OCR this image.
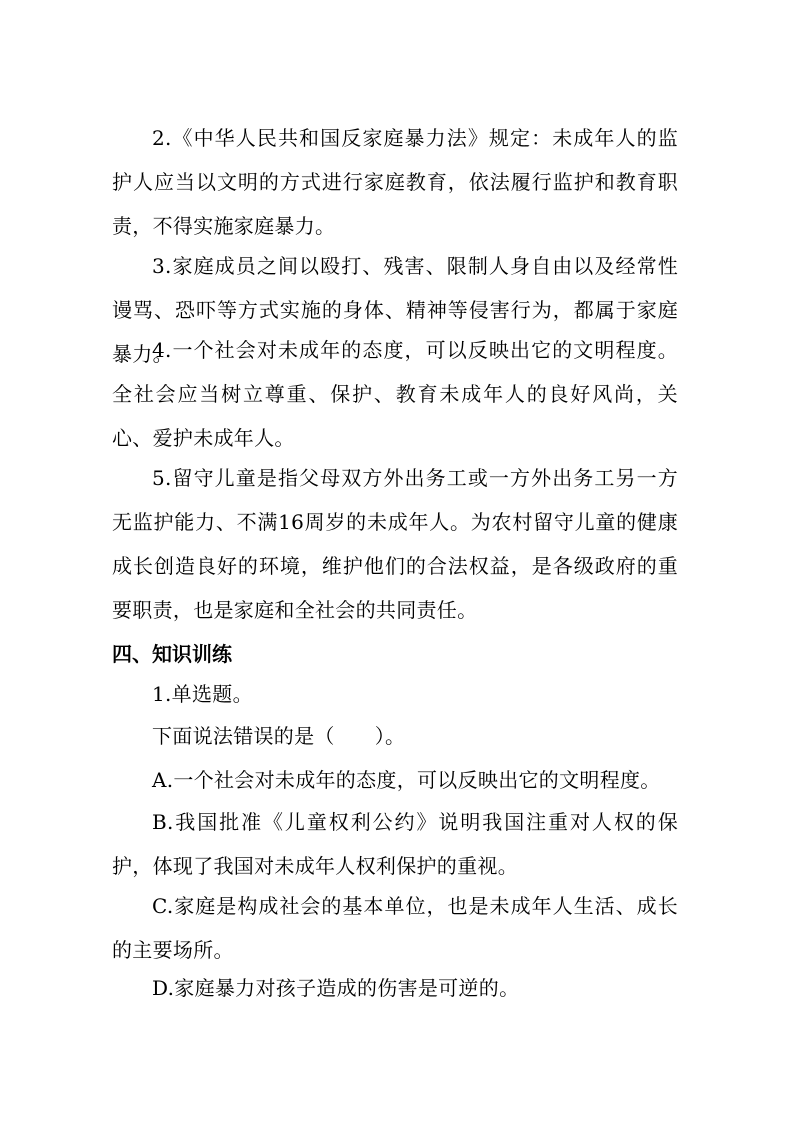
2.《中华人民共和国反家庭暴力法》规定：未成年人的监护人应当以文明的方式进行家庭教育，依法履行监护和教育职责，不得实施家庭暴力。

3.家庭成员之间以殴打、残害、限制人身自由以及经常性谩骂、恐吓等方式实施的身体、精神等侵害行为，都属于家庭暴力。

4.一个社会对未成年的态度，可以反映出它的文明程度。全社会应当树立尊重、保护、教育未成年人的良好风尚，关心、爱护未成年人。

5.留守儿童是指父母双方外出务工或一方外出务工另一方无监护能力、不满16周岁的未成年人。为农村留守儿童的健康成长创造良好的环境，维护他们的合法权益，是各级政府的重要职责，也是家庭和全社会的共同责任。

四、知识训练

1.单选题。

下面说法错误的是（ ）。

A.一个社会对未成年的态度，可以反映出它的文明程度。

B.我国批准《儿童权利公约》说明我国注重对人权的保护，体现了我国对未成年人权利保护的重视。

C.家庭是构成社会的基本单位，也是未成年人生活、成长的主要场所。

D.家庭暴力对孩子造成的伤害是可逆的。
